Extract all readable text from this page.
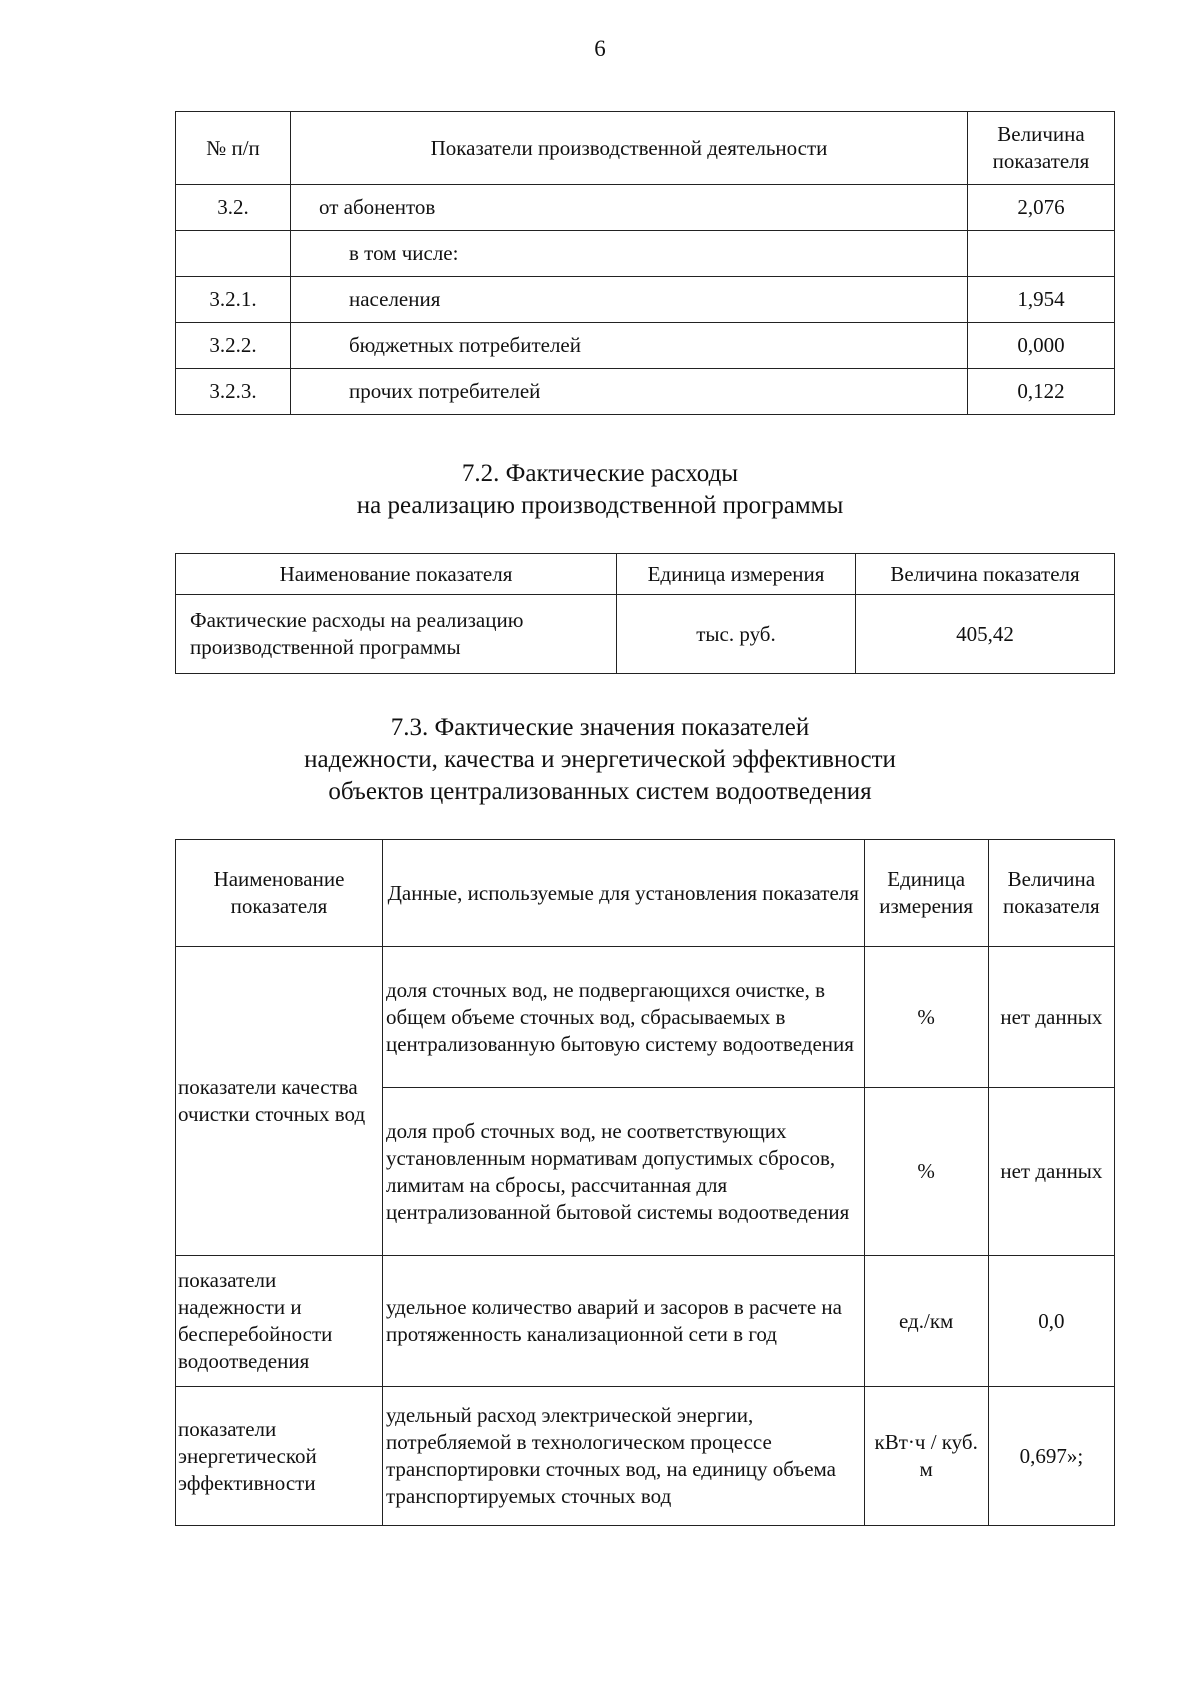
6
№ п/п	Показатели производственной деятельности	Величина показателя
3.2.	от абонентов	2,076
	в том числе:	
3.2.1.	населения	1,954
3.2.2.	бюджетных потребителей	0,000
3.2.3.	прочих потребителей	0,122
7.2. Фактические расходы
на реализацию производственной программы
Наименование показателя	Единица измерения	Величина показателя
Фактические расходы на реализацию производственной программы	тыс. руб.	405,42
7.3. Фактические значения показателей
надежности, качества и энергетической эффективности
объектов централизованных систем водоотведения
Наименование показателя	Данные, используемые для установления показателя	Единица измерения	Величина показателя
показатели качества очистки сточных вод	доля сточных вод, не подвергающихся очистке, в общем объеме сточных вод, сбрасываемых в централизованную бытовую систему водоотведения	%	нет данных
	доля проб сточных вод, не соответствующих установленным нормативам допустимых сбросов, лимитам на сбросы, рассчитанная для централизованной бытовой системы водоотведения	%	нет данных
показатели надежности и бесперебойности водоотведения	удельное количество аварий и засоров в расчете на протяженность канализационной сети в год	ед./км	0,0
показатели энергетической эффективности	удельный расход электрической энергии, потребляемой в технологическом процессе транспортировки сточных вод, на единицу объема транспортируемых сточных вод	кВт·ч / куб. м	0,697»;
